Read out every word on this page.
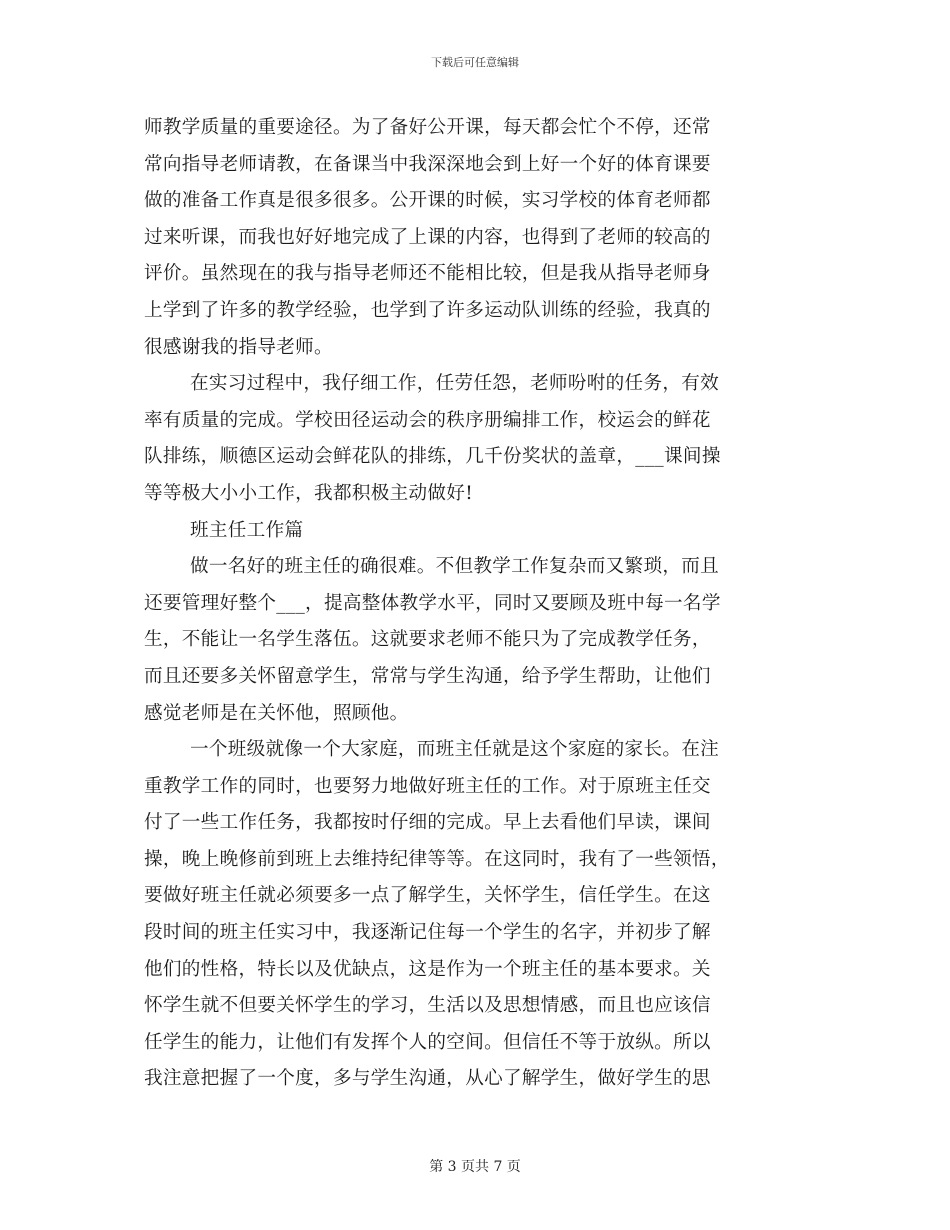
下载后可任意编辑
师教学质量的重要途径。为了备好公开课，每天都会忙个不停，还常
常向指导老师请教，在备课当中我深深地会到上好一个好的体育课要
做的准备工作真是很多很多。公开课的时候，实习学校的体育老师都
过来听课，而我也好好地完成了上课的内容，也得到了老师的较高的
评价。虽然现在的我与指导老师还不能相比较，但是我从指导老师身
上学到了许多的教学经验，也学到了许多运动队训练的经验，我真的
很感谢我的指导老师。
在实习过程中，我仔细工作，任劳任怨，老师吩咐的任务，有效
率有质量的完成。学校田径运动会的秩序册编排工作，校运会的鲜花
队排练，顺德区运动会鲜花队的排练，几千份奖状的盖章，___课间操
等等极大小小工作，我都积极主动做好!
班主任工作篇
做一名好的班主任的确很难。不但教学工作复杂而又繁琐，而且
还要管理好整个___，提高整体教学水平，同时又要顾及班中每一名学
生，不能让一名学生落伍。这就要求老师不能只为了完成教学任务，
而且还要多关怀留意学生，常常与学生沟通，给予学生帮助，让他们
感觉老师是在关怀他，照顾他。
一个班级就像一个大家庭，而班主任就是这个家庭的家长。在注
重教学工作的同时，也要努力地做好班主任的工作。对于原班主任交
付了一些工作任务，我都按时仔细的完成。早上去看他们早读，课间
操，晚上晚修前到班上去维持纪律等等。在这同时，我有了一些领悟，
要做好班主任就必须要多一点了解学生，关怀学生，信任学生。在这
段时间的班主任实习中，我逐渐记住每一个学生的名字，并初步了解
他们的性格，特长以及优缺点，这是作为一个班主任的基本要求。关
怀学生就不但要关怀学生的学习，生活以及思想情感，而且也应该信
任学生的能力，让他们有发挥个人的空间。但信任不等于放纵。所以
我注意把握了一个度，多与学生沟通，从心了解学生，做好学生的思
第 3 页共 7 页
